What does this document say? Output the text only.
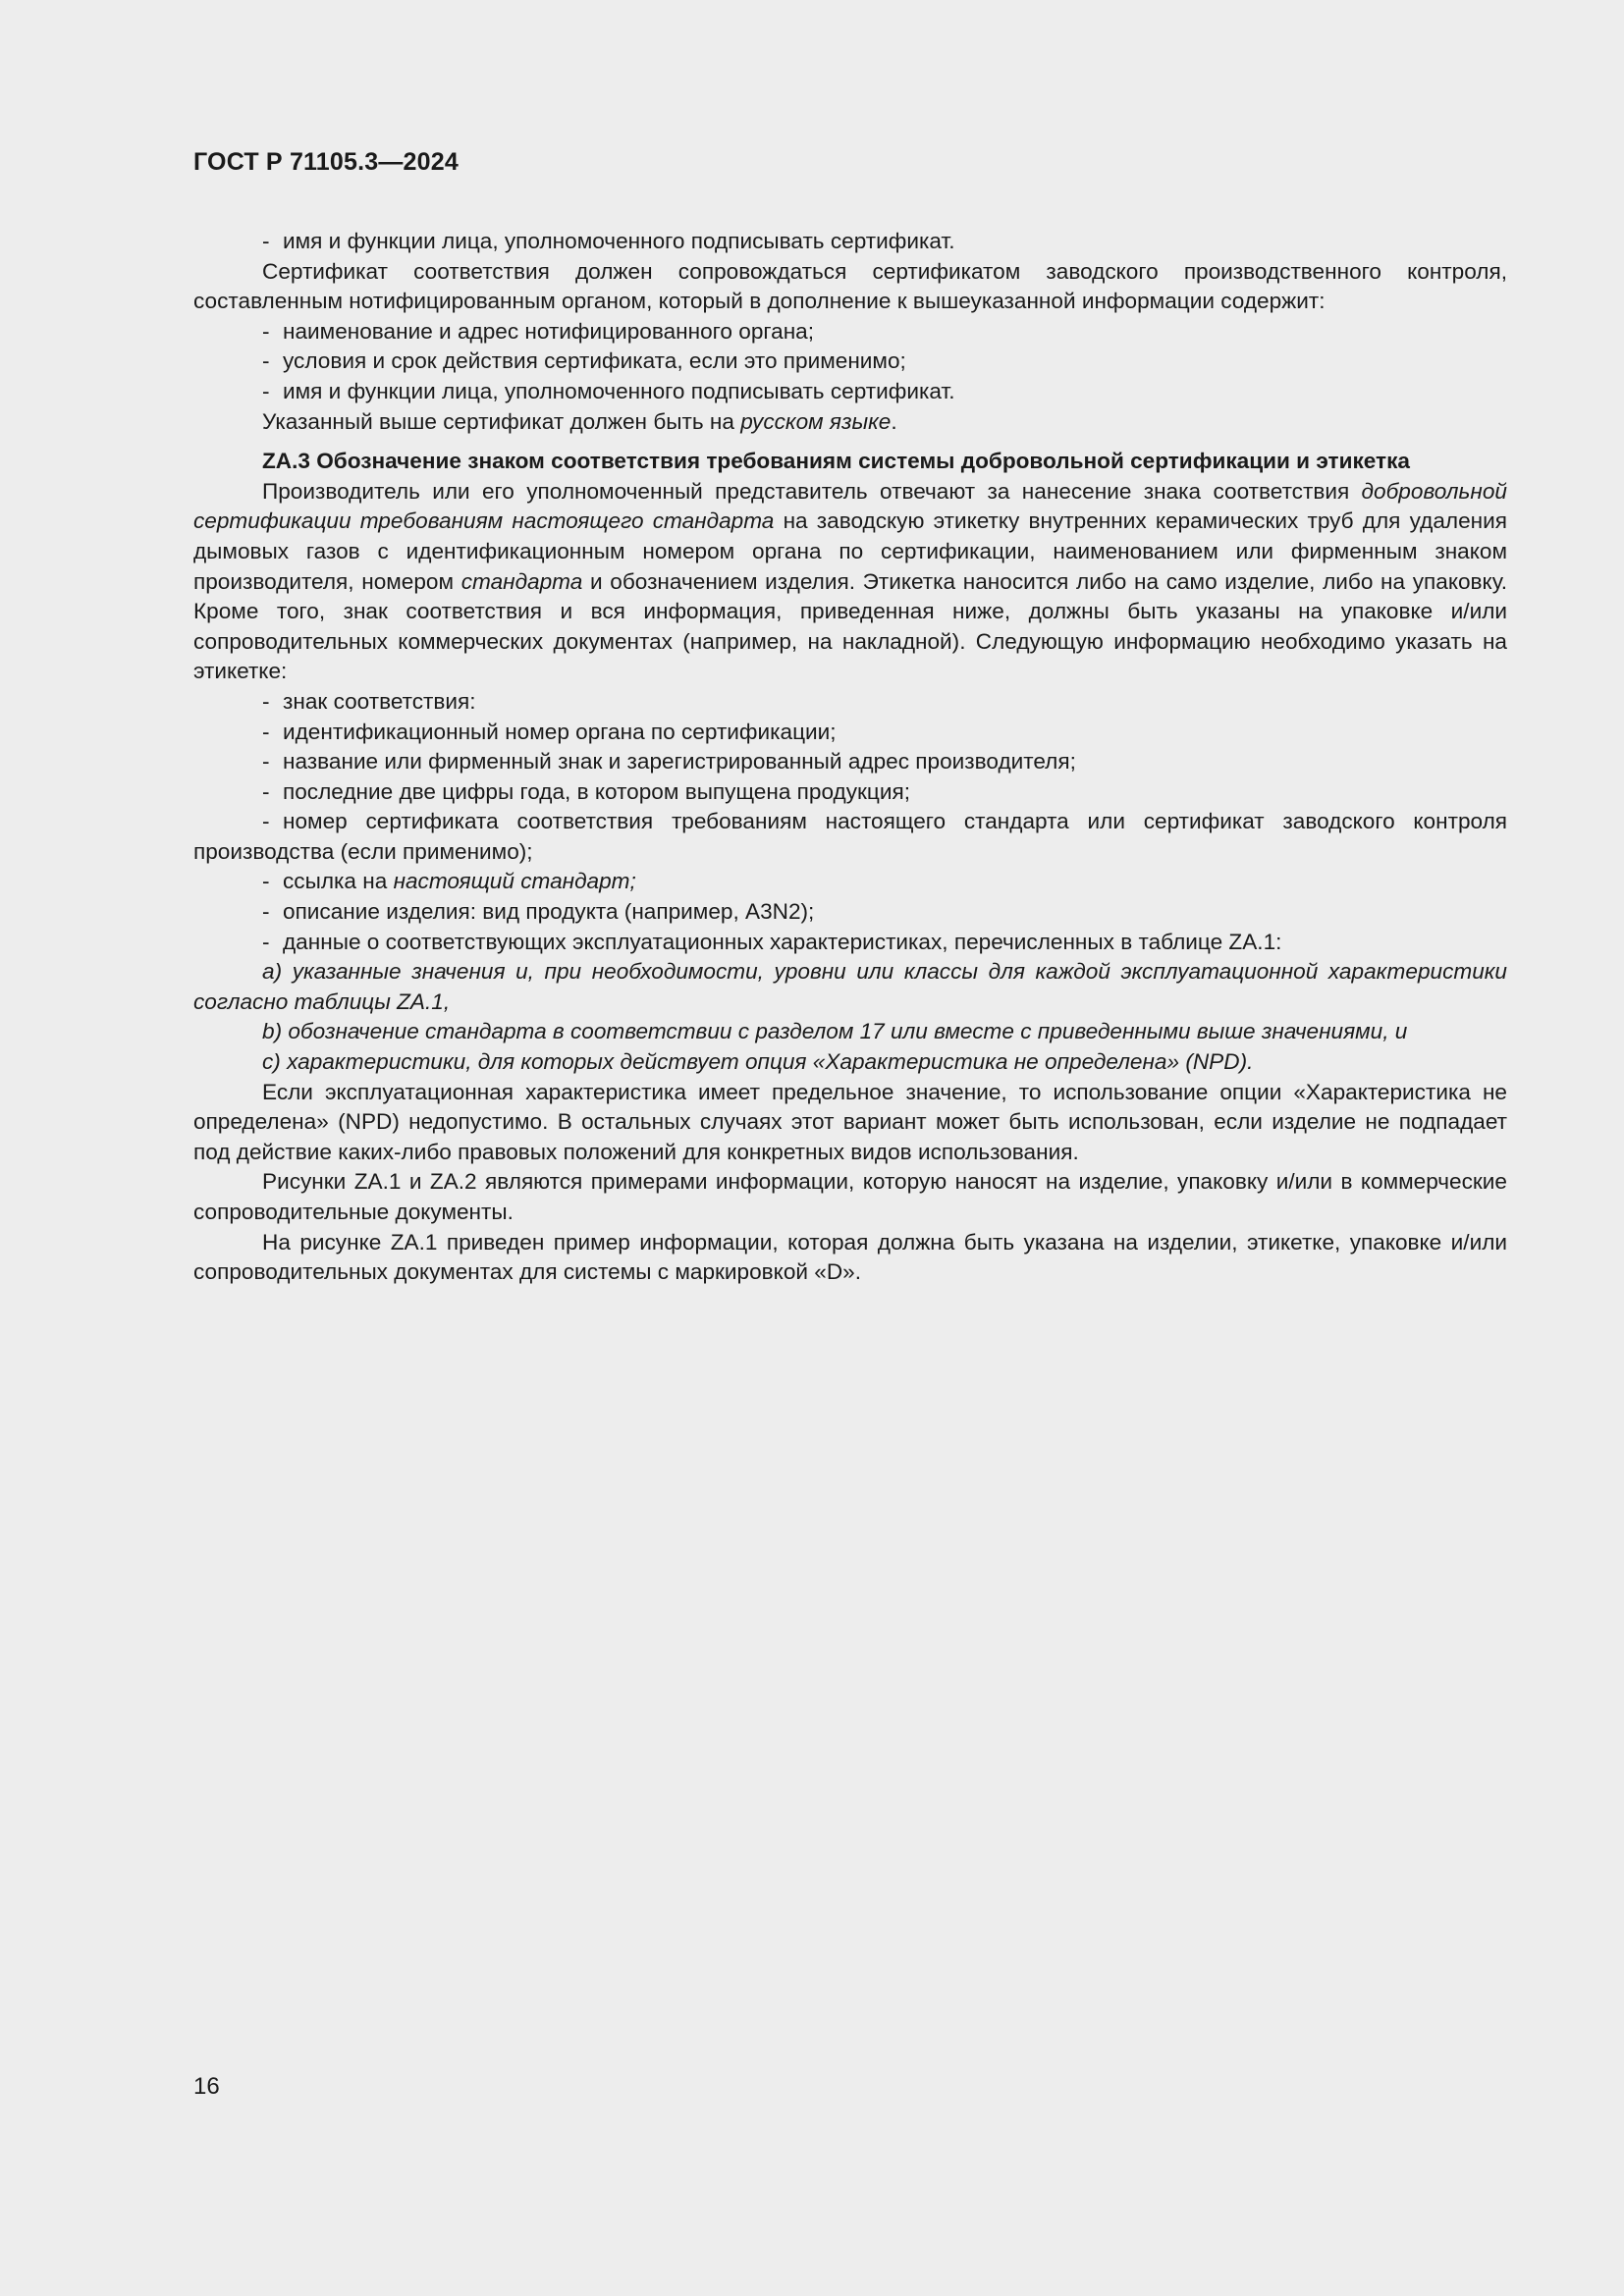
ГОСТ Р 71105.3—2024

- имя и функции лица, уполномоченного подписывать сертификат.

Сертификат соответствия должен сопровождаться сертификатом заводского производственного контроля, составленным нотифицированным органом, который в дополнение к вышеуказанной информации содержит:

- наименование и адрес нотифицированного органа;

- условия и срок действия сертификата, если это применимо;

- имя и функции лица, уполномоченного подписывать сертификат.

Указанный выше сертификат должен быть на русском языке.

ZA.3 Обозначение знаком соответствия требованиям системы добровольной сертификации и этикетка

Производитель или его уполномоченный представитель отвечают за нанесение знака соответствия добровольной сертификации требованиям настоящего стандарта на заводскую этикетку внутренних керамических труб для удаления дымовых газов с идентификационным номером органа по сертификации, наименованием или фирменным знаком производителя, номером стандарта и обозначением изделия. Этикетка наносится либо на само изделие, либо на упаковку. Кроме того, знак соответствия и вся информация, приведенная ниже, должны быть указаны на упаковке и/или сопроводительных коммерческих документах (например, на накладной). Следующую информацию необходимо указать на этикетке:

- знак соответствия:

- идентификационный номер органа по сертификации;

- название или фирменный знак и зарегистрированный адрес производителя;

- последние две цифры года, в котором выпущена продукция;

- номер сертификата соответствия требованиям настоящего стандарта или сертификат заводского контроля производства (если применимо);

- ссылка на настоящий стандарт;

- описание изделия: вид продукта (например, А3N2);

- данные о соответствующих эксплуатационных характеристиках, перечисленных в таблице ZA.1:

а) указанные значения и, при необходимости, уровни или классы для каждой эксплуатационной характеристики согласно таблицы ZA.1,

b) обозначение стандарта в соответствии с разделом 17 или вместе с приведенными выше значениями, и

c) характеристики, для которых действует опция «Характеристика не определена» (NPD).

Если эксплуатационная характеристика имеет предельное значение, то использование опции «Характеристика не определена» (NPD) недопустимо. В остальных случаях этот вариант может быть использован, если изделие не подпадает под действие каких-либо правовых положений для конкретных видов использования.

Рисунки ZA.1 и ZA.2 являются примерами информации, которую наносят на изделие, упаковку и/или в коммерческие сопроводительные документы.

На рисунке ZA.1 приведен пример информации, которая должна быть указана на изделии, этикетке, упаковке и/или сопроводительных документах для системы с маркировкой «D».

16
